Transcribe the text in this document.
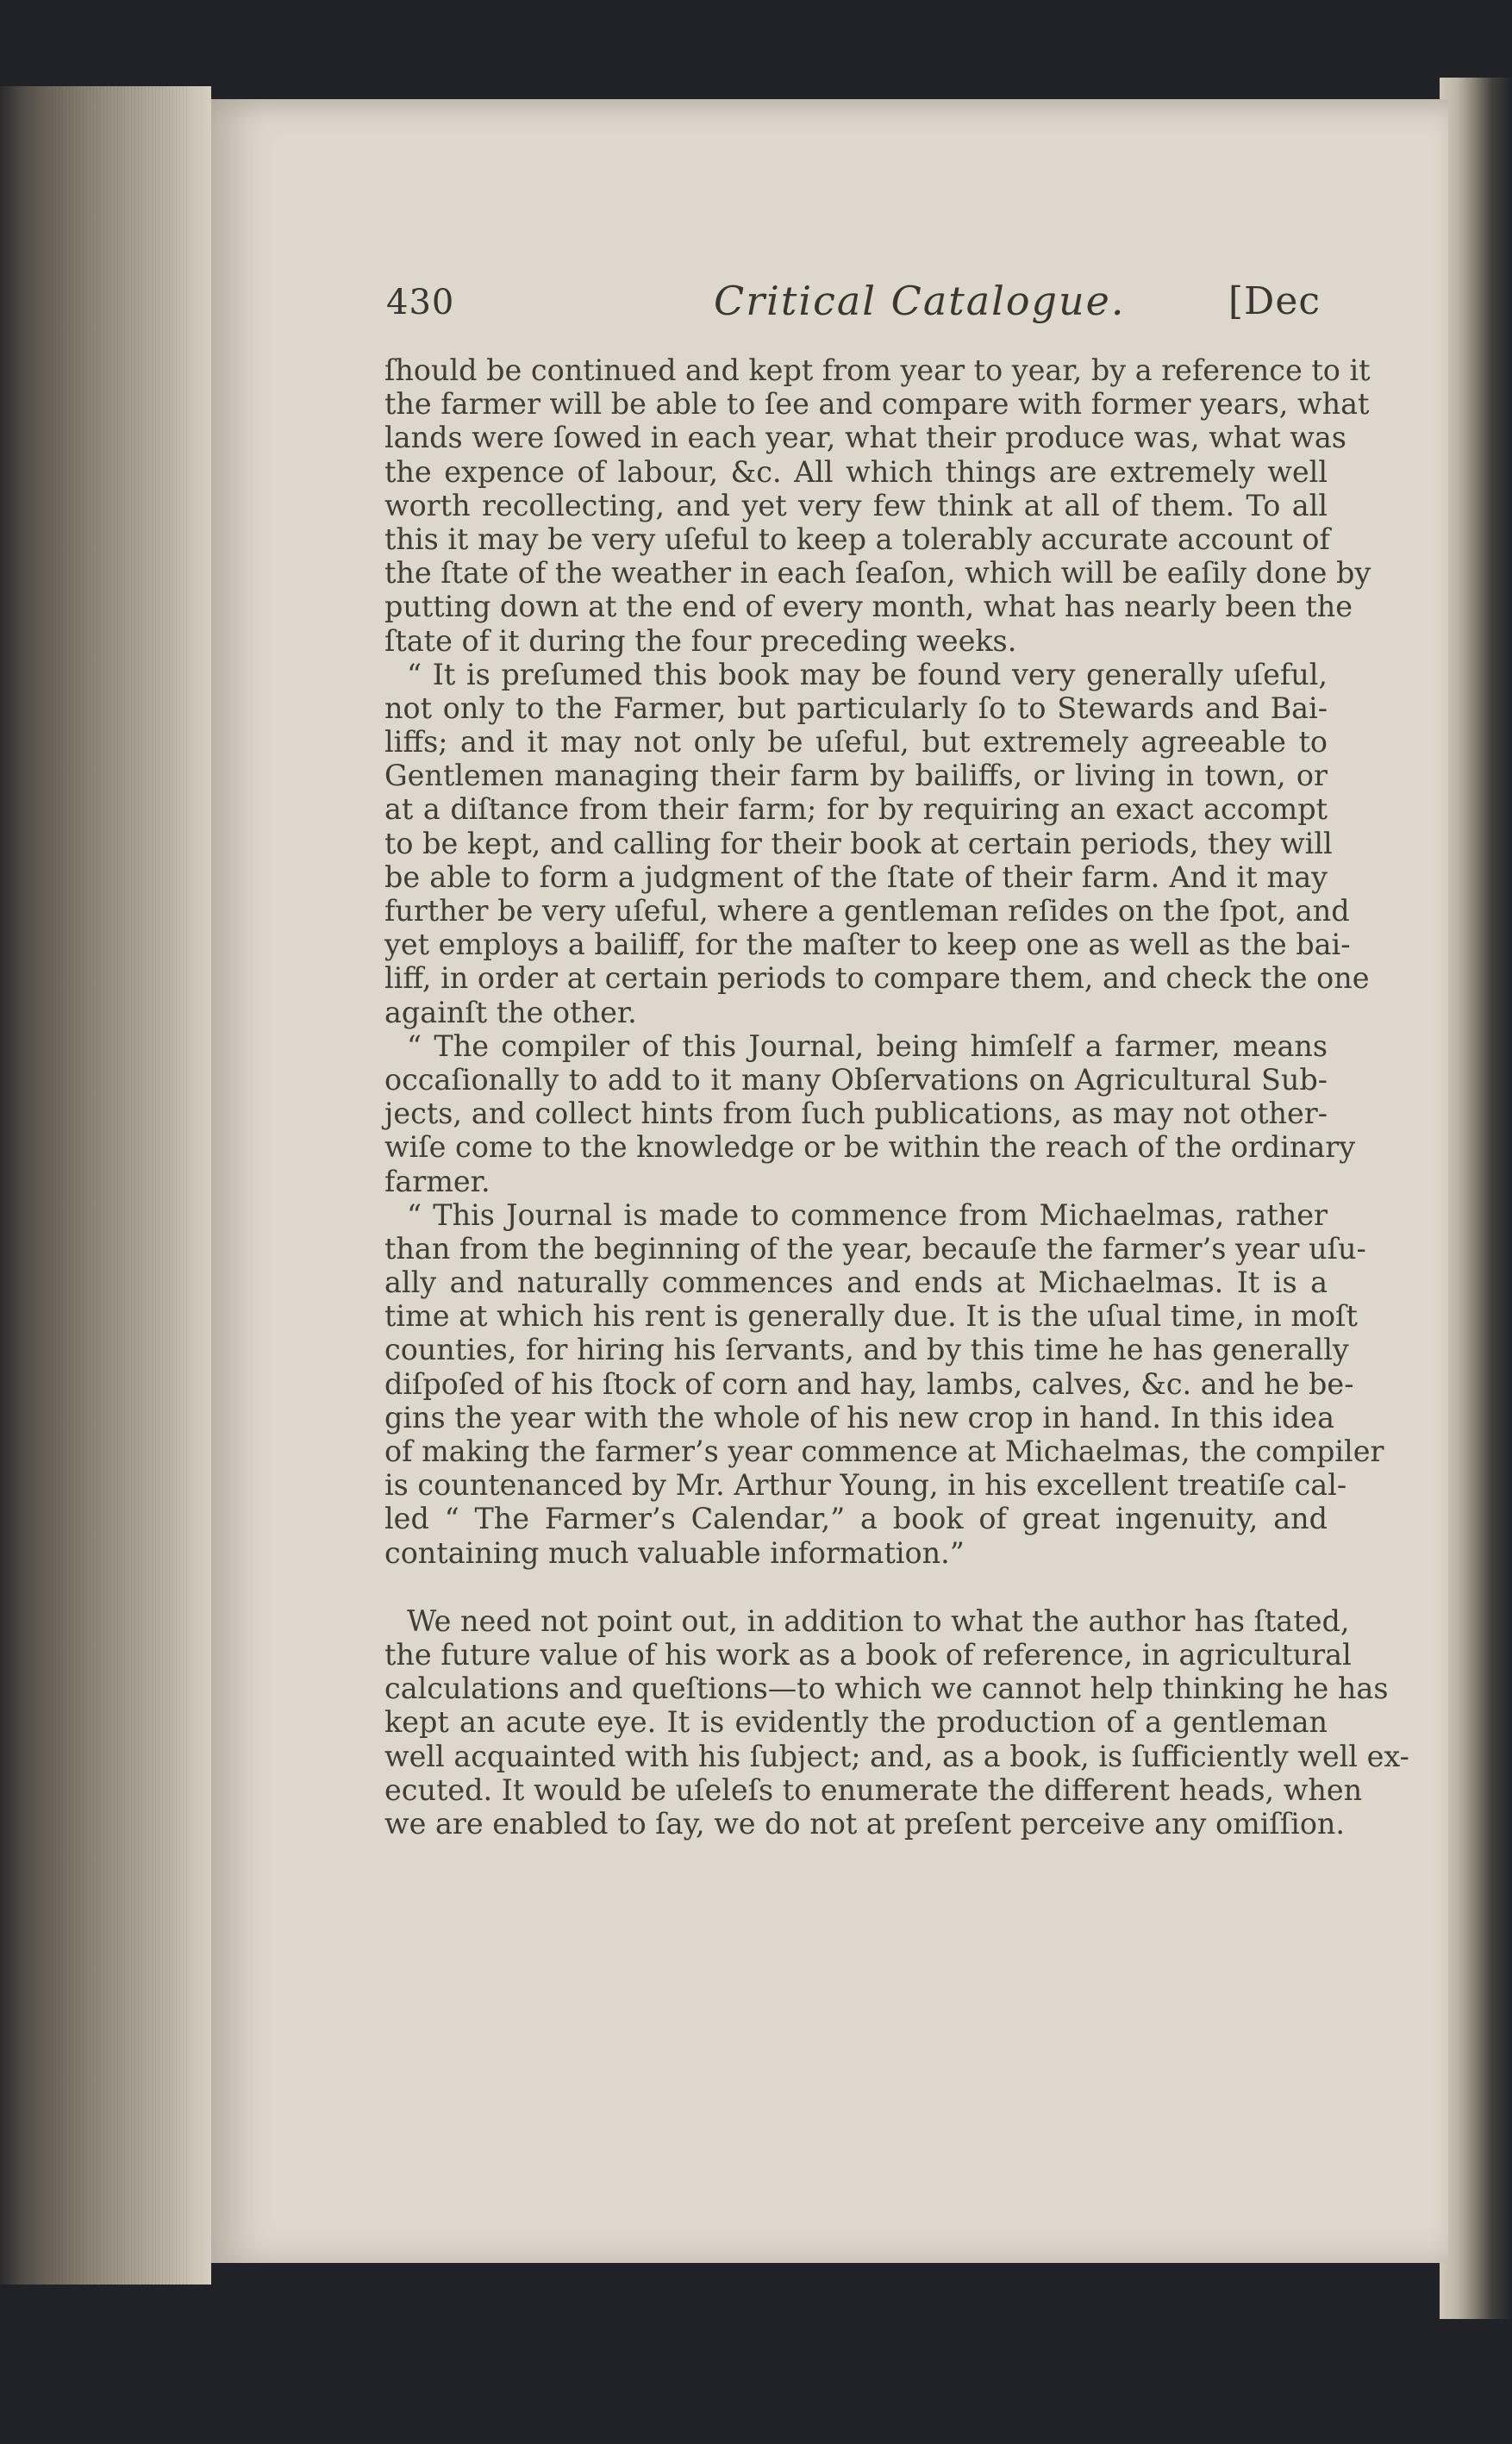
430	Critical Catalogue.	[Dec
ſhould be continued and kept from year to year, by a reference to it
the farmer will be able to ſee and compare with former years, what
lands were ſowed in each year, what their produce was, what was
the expence of labour, &c. All which things are extremely well
worth recollecting, and yet very few think at all of them. To all
this it may be very uſeful to keep a tolerably accurate account of
the ſtate of the weather in each ſeaſon, which will be eaſily done by
putting down at the end of every month, what has nearly been the
ſtate of it during the four preceding weeks.
“ It is preſumed this book may be found very generally uſeful,
not only to the Farmer, but particularly ſo to Stewards and Bai-
liffs; and it may not only be uſeful, but extremely agreeable to
Gentlemen managing their farm by bailiffs, or living in town, or
at a diſtance from their farm; for by requiring an exact accompt
to be kept, and calling for their book at certain periods, they will
be able to form a judgment of the ſtate of their farm. And it may
further be very uſeful, where a gentleman reſides on the ſpot, and
yet employs a bailiff, for the maſter to keep one as well as the bai-
liff, in order at certain periods to compare them, and check the one
againſt the other.
“ The compiler of this Journal, being himſelf a farmer, means
occaſionally to add to it many Obſervations on Agricultural Sub-
jects, and collect hints from ſuch publications, as may not other-
wiſe come to the knowledge or be within the reach of the ordinary
farmer.
“ This Journal is made to commence from Michaelmas, rather
than from the beginning of the year, becauſe the farmer’s year uſu-
ally and naturally commences and ends at Michaelmas. It is a
time at which his rent is generally due. It is the uſual time, in moſt
counties, for hiring his ſervants, and by this time he has generally
diſpoſed of his ſtock of corn and hay, lambs, calves, &c. and he be-
gins the year with the whole of his new crop in hand. In this idea
of making the farmer’s year commence at Michaelmas, the compiler
is countenanced by Mr. Arthur Young, in his excellent treatiſe cal-
led “ The Farmer’s Calendar,” a book of great ingenuity, and
containing much valuable information.”
We need not point out, in addition to what the author has ſtated,
the future value of his work as a book of reference, in agricultural
calculations and queſtions—to which we cannot help thinking he has
kept an acute eye. It is evidently the production of a gentleman
well acquainted with his ſubject; and, as a book, is ſufficiently well ex-
ecuted. It would be uſeleſs to enumerate the different heads, when
we are enabled to ſay, we do not at preſent perceive any omiſſion.
